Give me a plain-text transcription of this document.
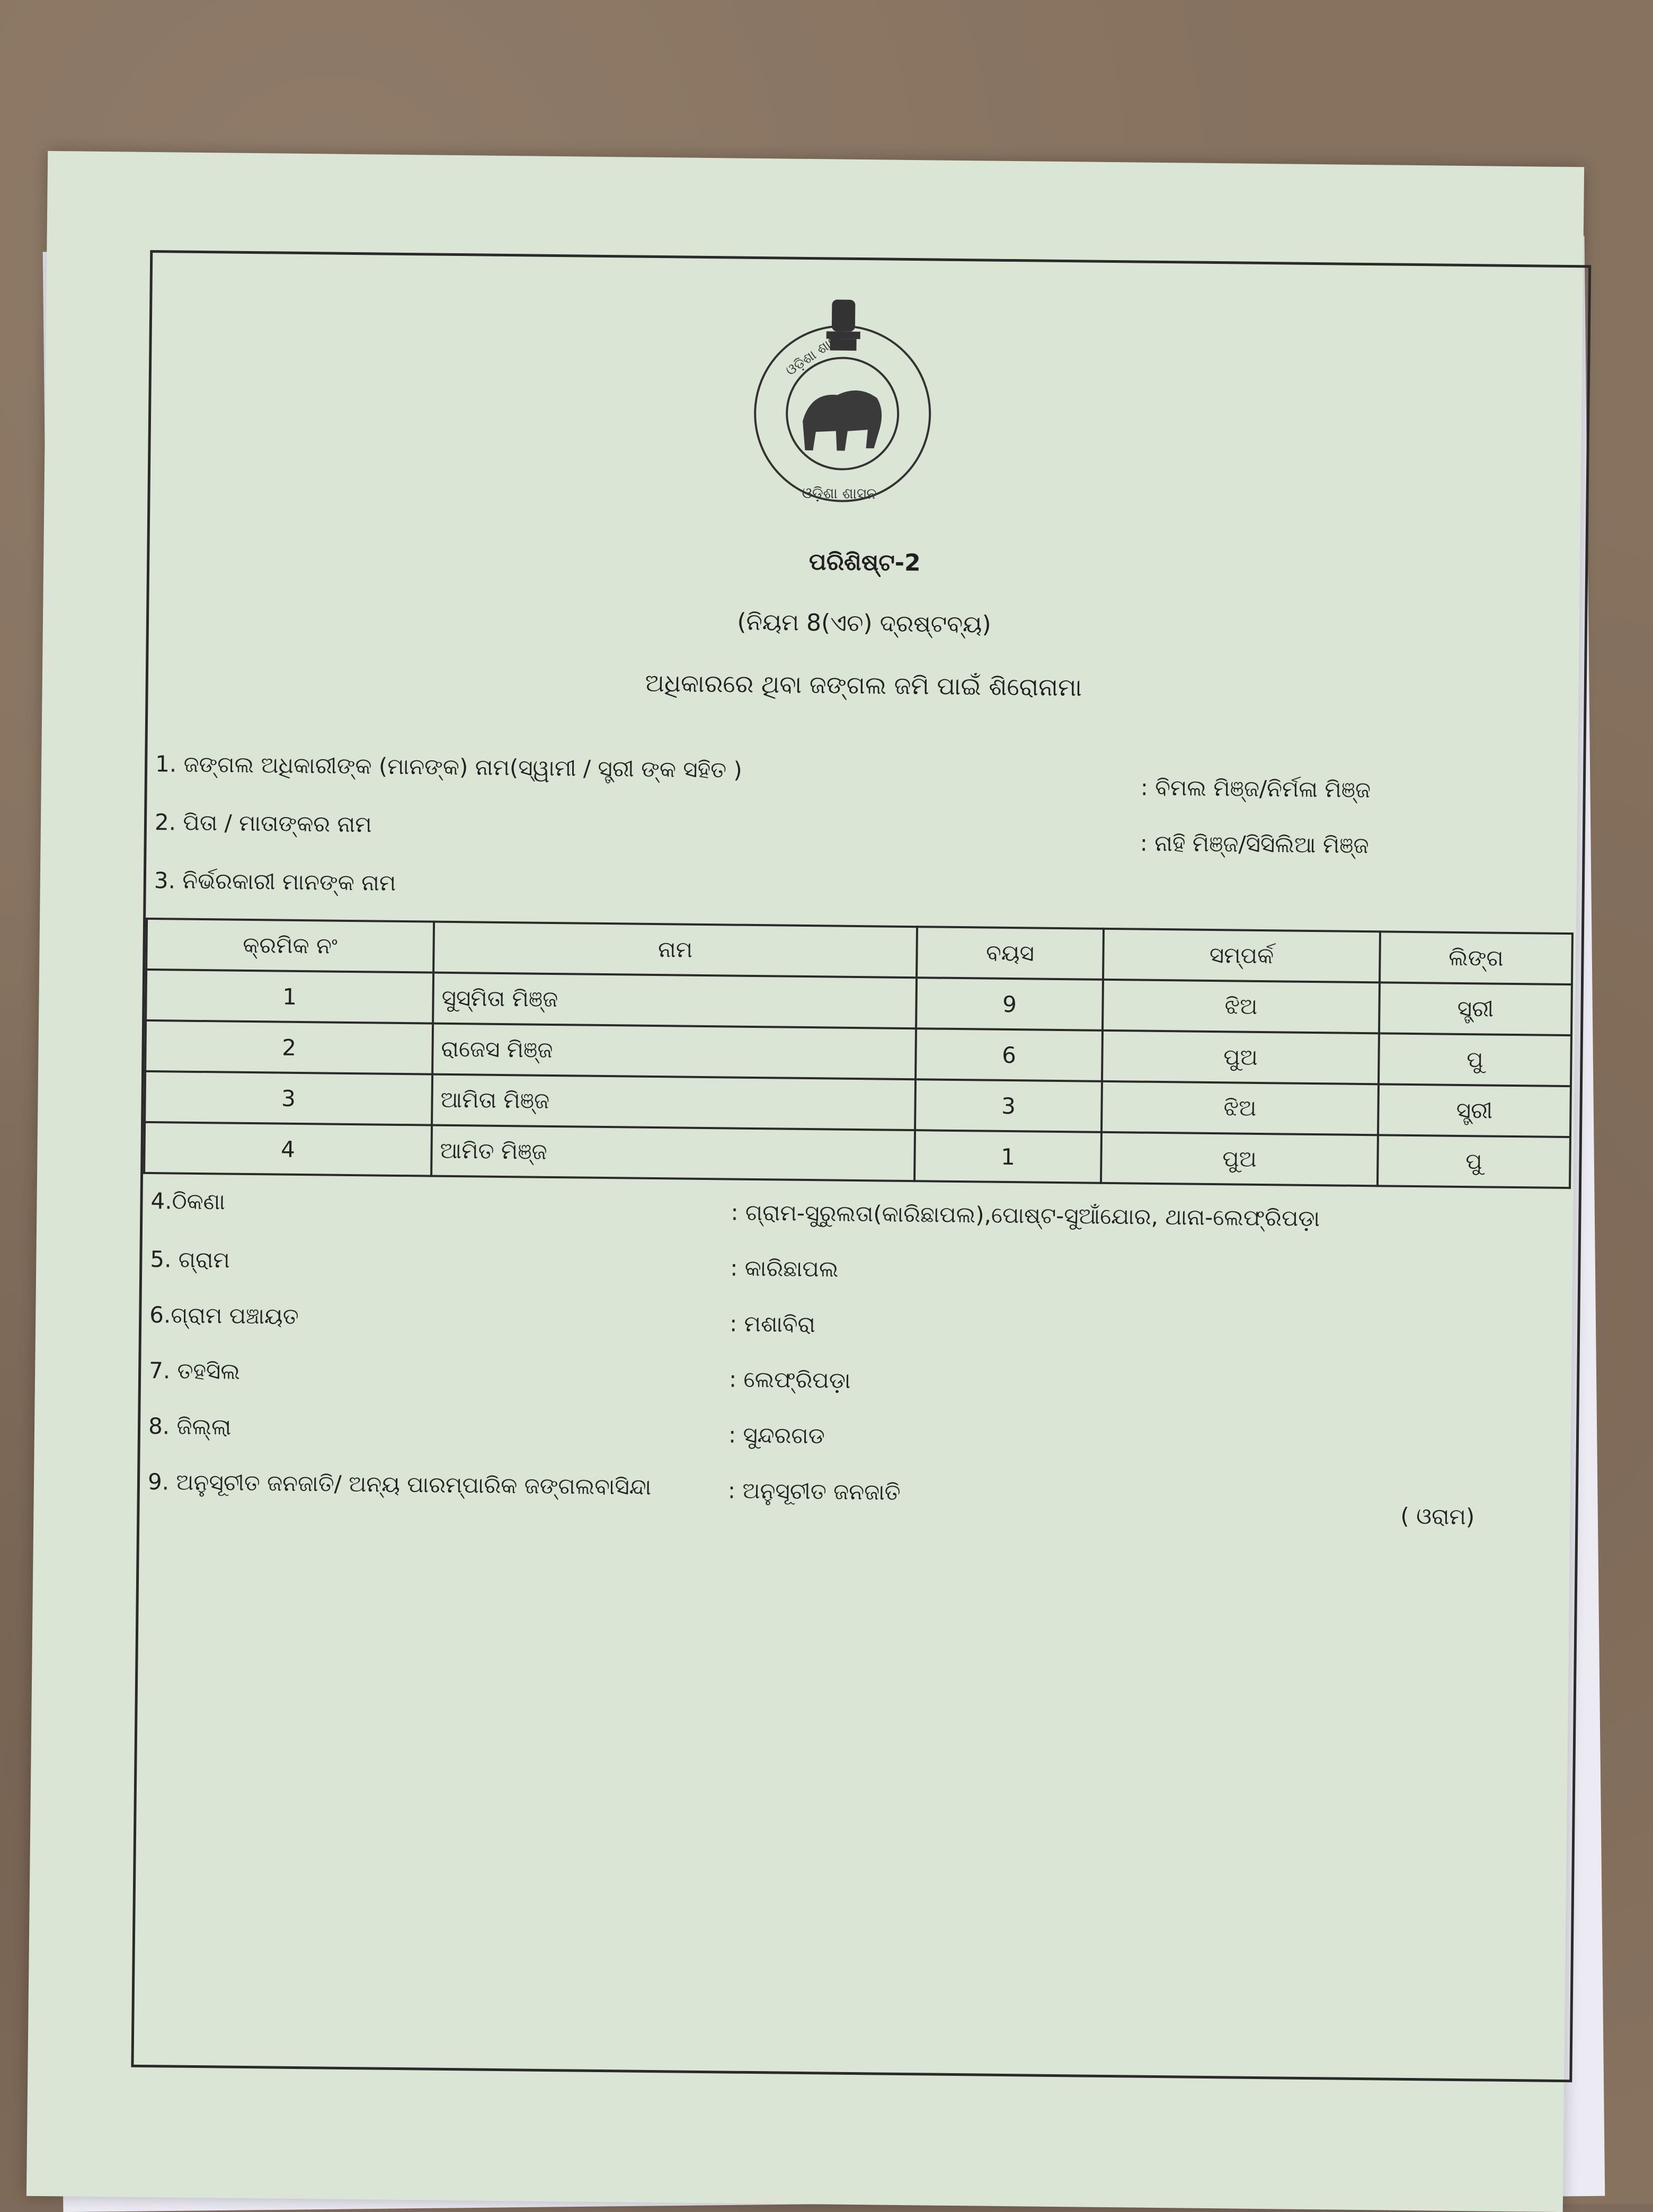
ଓଡ଼ିଶା ଶାସନ
ଓଡ଼ିଶା ଶାସନ
ପରିଶିଷ୍ଟ-2
(ନିୟମ 8(ଏଚ) ଦ୍ରଷ୍ଟବ୍ୟ)
ଅଧିକାରରେ ଥିବା ଜଙ୍ଗଲ ଜମି ପାଇଁ ଶିରୋନାମା
1. ଜଙ୍ଗଲ ଅଧିକାରୀଙ୍କ (ମାନଙ୍କ) ନାମ(ସ୍ୱାମୀ / ସ୍ତ୍ରୀ ଙ୍କ ସହିତ )
: ବିମଲ ମିଞ୍ଜ/ନିର୍ମଳା ମିଞ୍ଜ
2. ପିତା / ମାତାଙ୍କର ନାମ
: ନାହି ମିଞ୍ଜ/ସିସିଲିଆ ମିଞ୍ଜ
3. ନିର୍ଭରକାରୀ ମାନଙ୍କ ନାମ
କ୍ରମିକ ନଂ	ନାମ	ବୟସ	ସମ୍ପର୍କ	ଲିଙ୍ଗ
1	ସୁସ୍ମିତା ମିଞ୍ଜ	9	ଝିଅ	ସ୍ତ୍ରୀ
2	ରାଜେସ ମିଞ୍ଜ	6	ପୁଅ	ପୁ
3	ଆମିତା ମିଞ୍ଜ	3	ଝିଅ	ସ୍ତ୍ରୀ
4	ଆମିତ ମିଞ୍ଜ	1	ପୁଅ	ପୁ
4.ଠିକଣା	: ଗ୍ରାମ-ସୁରୁଲତା(କାରିଛାପଲ),ପୋଷ୍ଟ-ସୁଆଁଯୋର, ଥାନା-ଲେଫ୍ରିପଡ଼ା
5. ଗ୍ରାମ	: କାରିଛାପଲ
6.ଗ୍ରାମ ପଞ୍ଚାୟତ	: ମଶାବିରା
7. ତହସିଲ	: ଲେଫ୍ରିପଡ଼ା
8. ଜିଲ୍ଲା	: ସୁନ୍ଦରଗଡ
9. ଅନୁସୂଚୀତ ଜନଜାତି/ ଅନ୍ୟ ପାରମ୍ପାରିକ ଜଙ୍ଗଲବାସିନ୍ଦା	: ଅନୁସୂଚୀତ ଜନଜାତି
( ଓରାମ)
